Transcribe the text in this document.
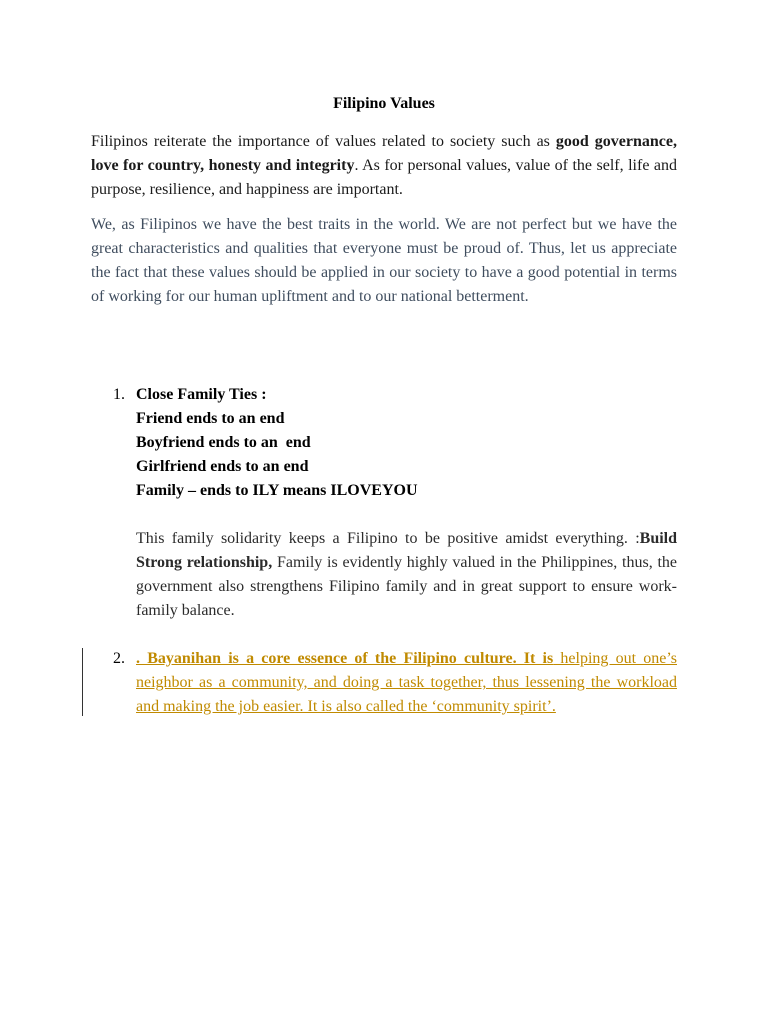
Filipino Values
Filipinos reiterate the importance of values related to society such as good governance, love for country, honesty and integrity. As for personal values, value of the self, life and purpose, resilience, and happiness are important.
We, as Filipinos we have the best traits in the world. We are not perfect but we have the great characteristics and qualities that everyone must be proud of. Thus, let us appreciate the fact that these values should be applied in our society to have a good potential in terms of working for our human upliftment and to our national betterment.
1. Close Family Ties :
Friend ends to an end
Boyfriend ends to an  end
Girlfriend ends to an end
Family – ends to ILY means ILOVEYOU
This family solidarity keeps a Filipino to be positive amidst everything. :Build Strong relationship, Family is evidently highly valued in the Philippines, thus, the government also strengthens Filipino family and in great support to ensure work-family balance.
2. . Bayanihan is a core essence of the Filipino culture. It is helping out one’s neighbor as a community, and doing a task together, thus lessening the workload and making the job easier. It is also called the ‘community spirit’.
